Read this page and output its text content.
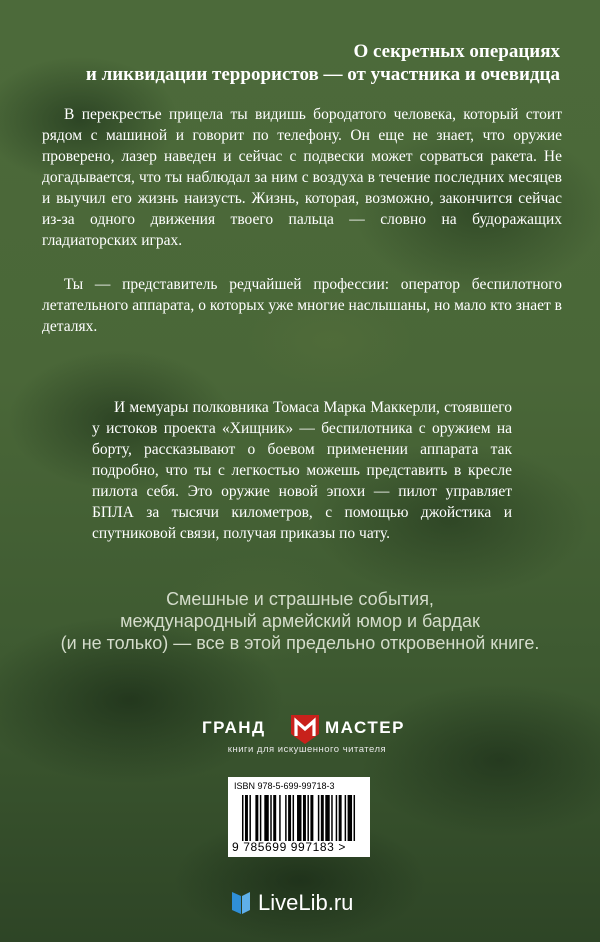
О секретных операциях
и ликвидации террористов — от участника и очевидца

В перекрестье прицела ты видишь бородатого человека, который стоит рядом с машиной и говорит по телефону. Он еще не знает, что оружие проверено, лазер наведен и сейчас с подвески может сорваться ракета. Не догадывается, что ты наблюдал за ним с воздуха в течение последних месяцев и выучил его жизнь наизусть. Жизнь, которая, возможно, закончится сейчас из-за одного движения твоего пальца — словно на будоражащих гладиаторских играх.

Ты — представитель редчайшей профессии: оператор беспилотного летательного аппарата, о которых уже многие наслышаны, но мало кто знает в деталях.

И мемуары полковника Томаса Марка Маккерли, стоявшего у истоков проекта «Хищник» — беспилотника с оружием на борту, рассказывают о боевом применении аппарата так подробно, что ты с легкостью можешь представить в кресле пилота себя. Это оружие новой эпохи — пилот управляет БПЛА за тысячи километров, с помощью джойстика и спутниковой связи, получая приказы по чату.

Смешные и страшные события,
международный армейский юмор и бардак
(и не только) — все в этой предельно откровенной книге.
ГРАНД	МАСТЕР
книги для искушенного читателя
ISBN 978-5-699-99718-3
9 785699 997183 >
LiveLib.ru
